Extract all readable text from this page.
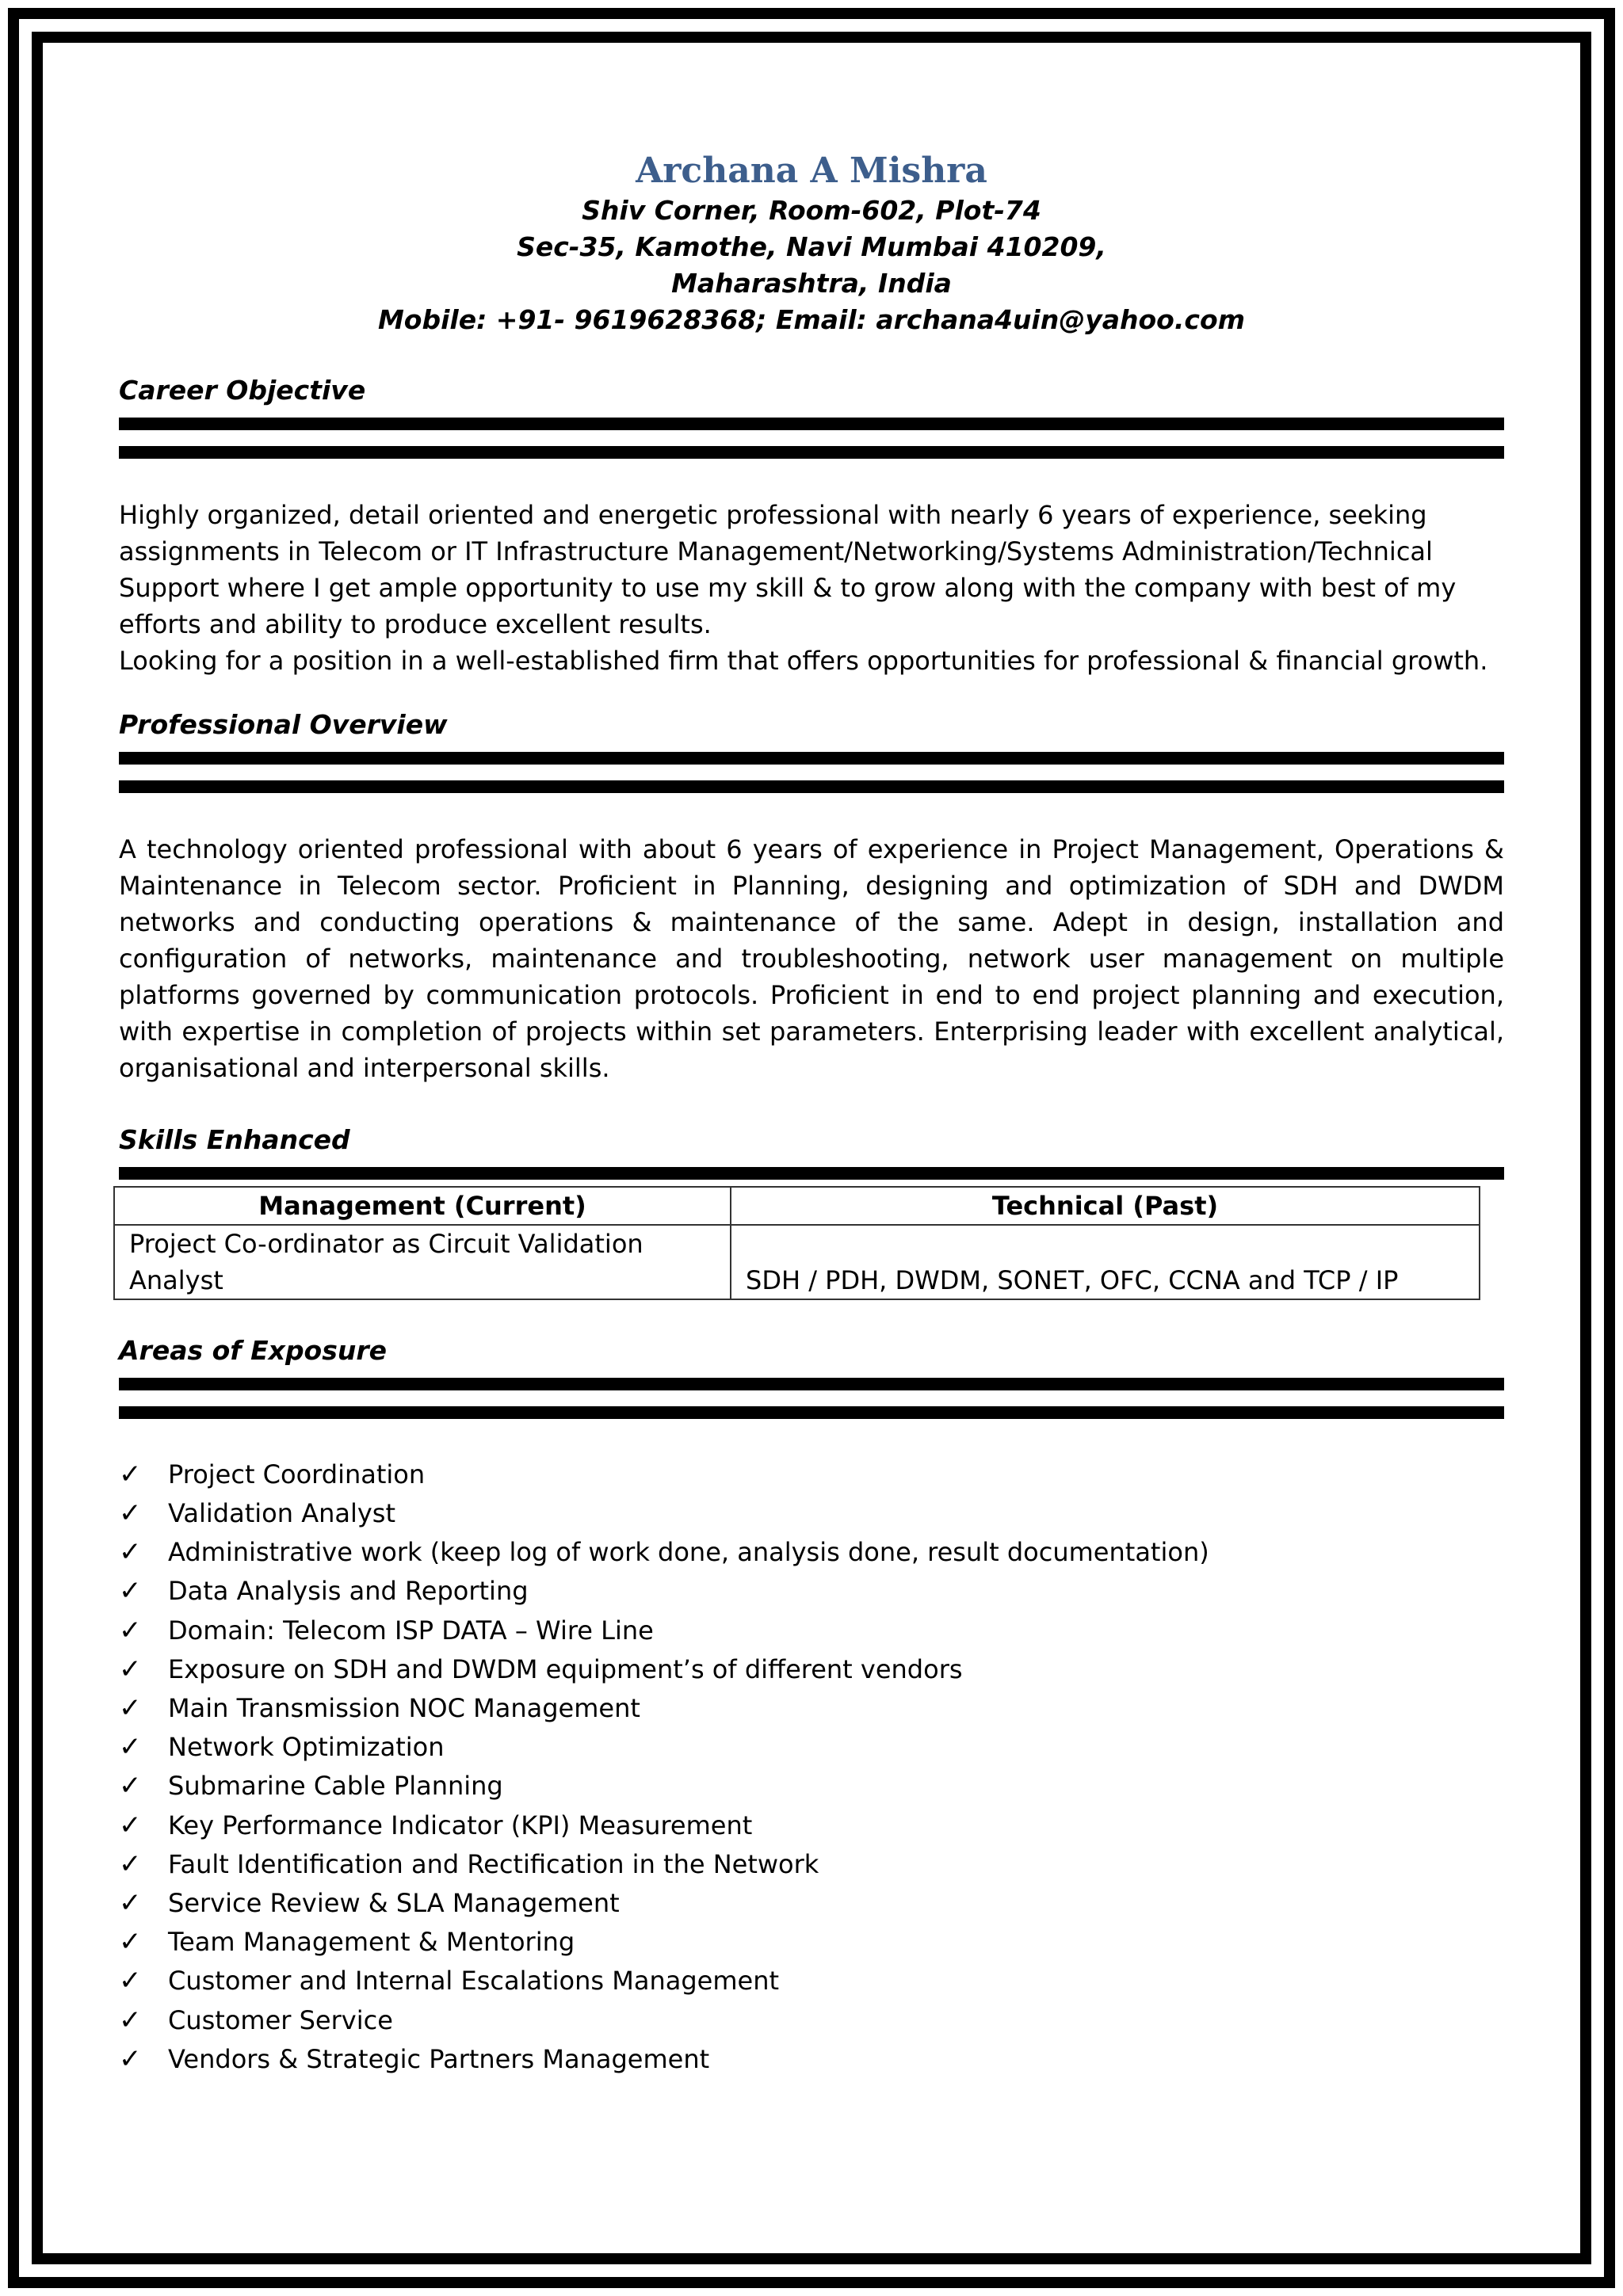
Archana A Mishra
Shiv Corner, Room-602, Plot-74
Sec-35, Kamothe, Navi Mumbai 410209,
Maharashtra, India
Mobile: +91- 9619628368; Email: archana4uin@yahoo.com
Career Objective
Highly organized, detail oriented and energetic professional with nearly 6 years of experience, seeking assignments in Telecom or IT Infrastructure Management/Networking/Systems Administration/Technical Support where I get ample opportunity to use my skill & to grow along with the company with best of my efforts and ability to produce excellent results.
Looking for a position in a well-established firm that offers opportunities for professional & financial growth.
Professional Overview
A technology oriented professional with about 6 years of experience in Project Management, Operations & Maintenance in Telecom sector. Proficient in Planning, designing and optimization of SDH and DWDM networks and conducting operations & maintenance of the same. Adept in design, installation and configuration of networks, maintenance and troubleshooting, network user management on multiple platforms governed by communication protocols. Proficient in end to end project planning and execution, with expertise in completion of projects within set parameters. Enterprising leader with excellent analytical, organisational and interpersonal skills.
Skills Enhanced
Management (Current)	Technical (Past)

Project Co-ordinator as Circuit Validation
Analyst	SDH / PDH, DWDM, SONET, OFC, CCNA and TCP / IP
Areas of Exposure
✓	Project Coordination
✓	Validation Analyst
✓	Administrative work (keep log of work done, analysis done, result documentation)
✓	Data Analysis and Reporting
✓	Domain: Telecom ISP DATA – Wire Line
✓	Exposure on SDH and DWDM equipment’s of different vendors
✓	Main Transmission NOC Management
✓	Network Optimization
✓	Submarine Cable Planning
✓	Key Performance Indicator (KPI) Measurement
✓	Fault Identification and Rectification in the Network
✓	Service Review & SLA Management
✓	Team Management & Mentoring
✓	Customer and Internal Escalations Management
✓	Customer Service
✓	Vendors & Strategic Partners Management
